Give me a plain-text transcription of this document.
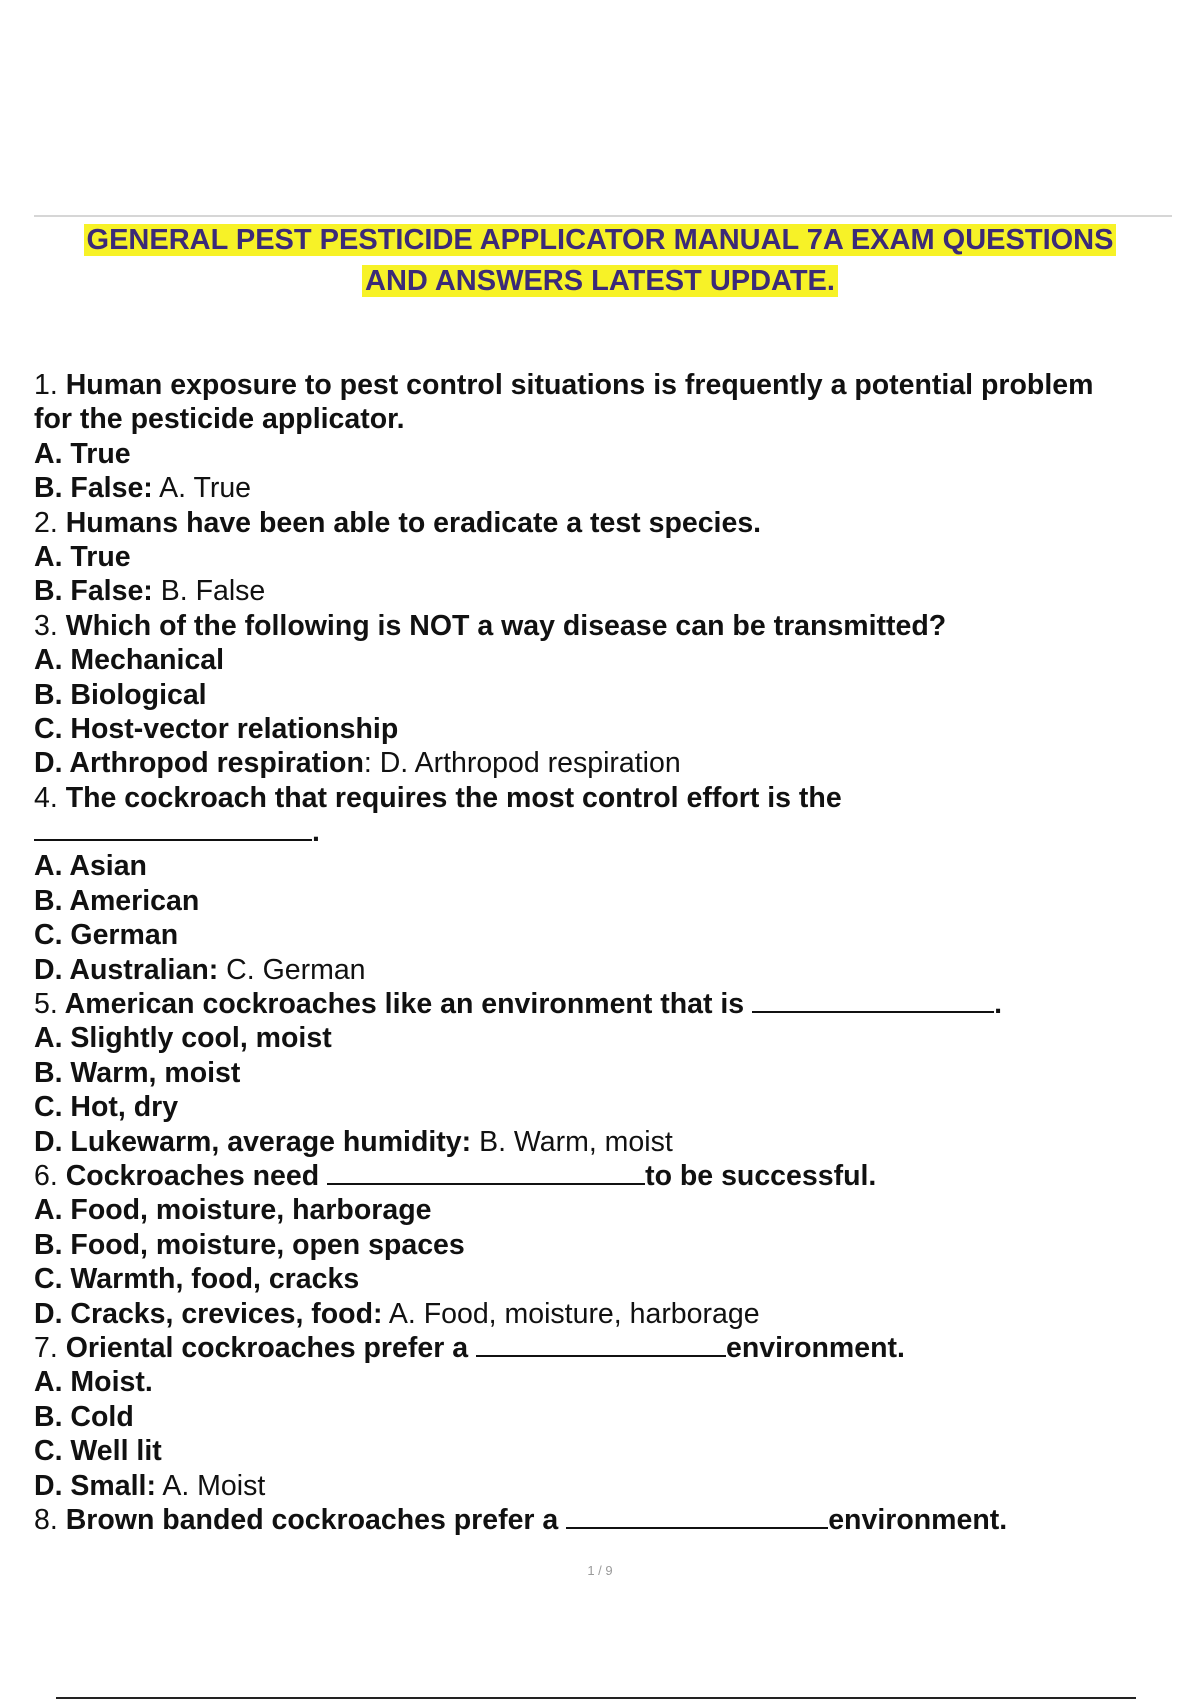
GENERAL PEST PESTICIDE APPLICATOR MANUAL 7A EXAM QUESTIONS
AND ANSWERS LATEST UPDATE.
1. Human exposure to pest control situations is frequently a potential problem
for the pesticide applicator.
A. True
B. False: A. True
2. Humans have been able to eradicate a test species.
A. True
B. False: B. False
3. Which of the following is NOT a way disease can be transmitted?
A. Mechanical
B. Biological
C. Host-vector relationship
D. Arthropod respiration: D. Arthropod respiration
4. The cockroach that requires the most control effort is the
.
A. Asian
B. American
C. German
D. Australian: C. German
5. American cockroaches like an environment that is	.
A. Slightly cool, moist
B. Warm, moist
C. Hot, dry
D. Lukewarm, average humidity: B. Warm, moist
6. Cockroaches need	to be successful.
A. Food, moisture, harborage
B. Food, moisture, open spaces
C. Warmth, food, cracks
D. Cracks, crevices, food: A. Food, moisture, harborage
7. Oriental cockroaches prefer a	environment.
A. Moist.
B. Cold
C. Well lit
D. Small: A. Moist
8. Brown banded cockroaches prefer a	environment.
1 / 9
